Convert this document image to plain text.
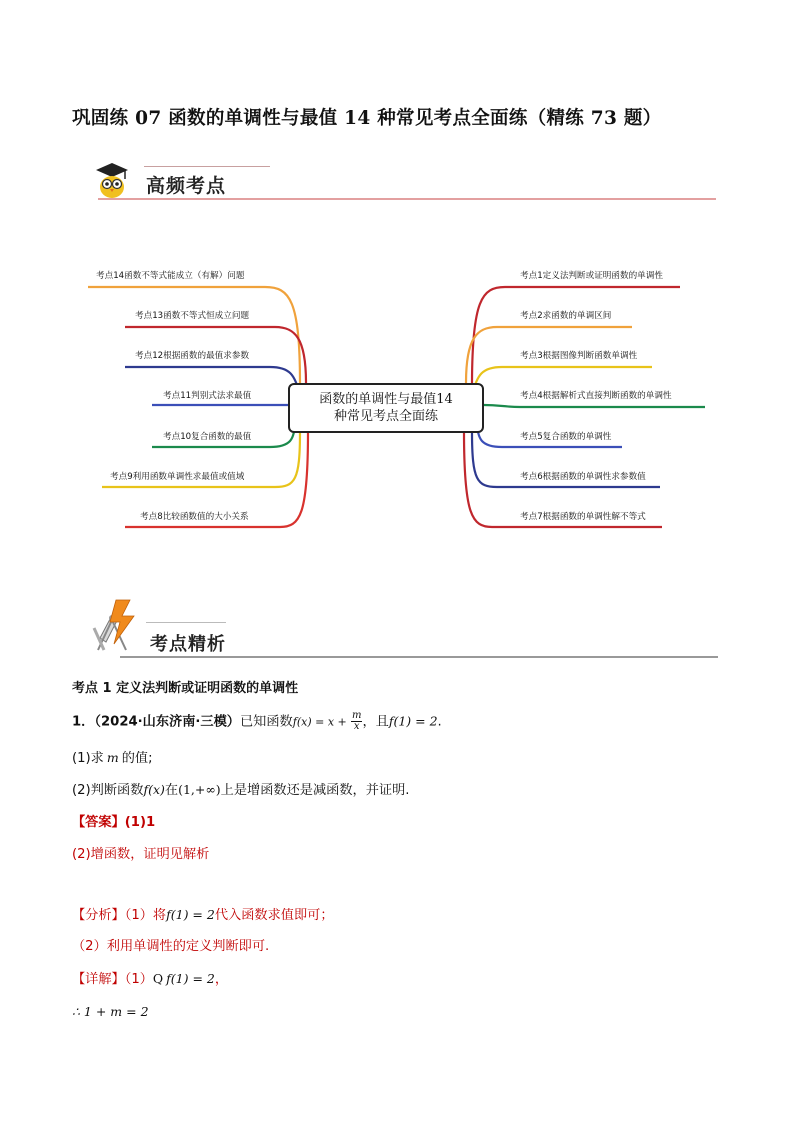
巩固练 07 函数的单调性与最值 14 种常见考点全面练（精练 73 题）
高频考点
考点14函数不等式能成立（有解）问题
考点13函数不等式恒成立问题
考点12根据函数的最值求参数
考点11判别式法求最值
考点10复合函数的最值
考点9利用函数单调性求最值或值域
考点8比较函数值的大小关系
考点1定义法判断或证明函数的单调性
考点2求函数的单调区间
考点3根据图像判断函数单调性
考点4根据解析式直接判断函数的单调性
考点5复合函数的单调性
考点6根据函数的单调性求参数值
考点7根据函数的单调性解不等式
函数的单调性与最值14
种常见考点全面练
考点精析
考点 1 定义法判断或证明函数的单调性
1．（2024·山东济南·三模）已知函数$f(x) = x + \frac{m}{x}$ ，且f(1) = 2.
(1)求 m 的值;
(2)判断函数f(x)在(1,+∞)上是增函数还是减函数，并证明.
【答案】(1)1
(2)增函数，证明见解析
【分析】（1）将f(1) = 2代入函数求值即可；
（2）利用单调性的定义判断即可.
【详解】（1）Q f(1) = 2，
∴ 1 + m = 2
